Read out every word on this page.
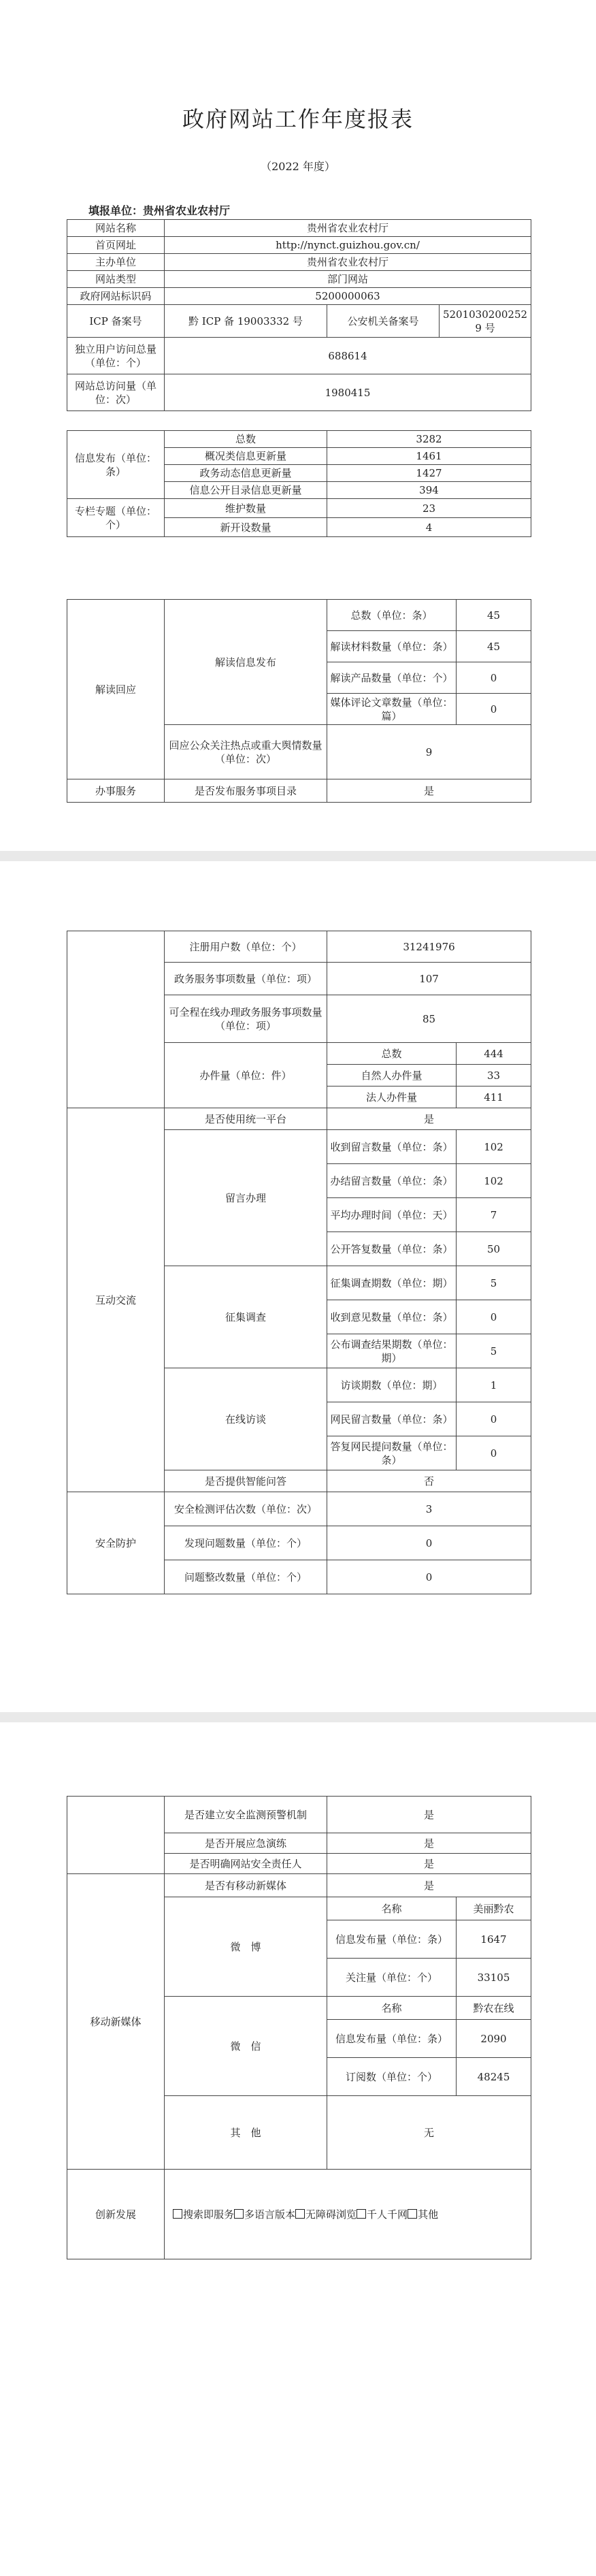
政府网站工作年度报表
（2022 年度）
填报单位：贵州省农业农村厅
网站名称	贵州省农业农村厅		
首页网址	http://nynct.guizhou.gov.cn/		
主办单位	贵州省农业农村厅		
网站类型	部门网站		
政府网站标识码	5200000063		
ICP 备案号	黔 ICP 备 19003332 号	公安机关备案号	52010302002529 号
独立用户访问总量（单位：个）	688614		
网站总访问量（单位：次）	1980415		
信息发布（单位：条）	总数	3282
	概况类信息更新量	1461
	政务动态信息更新量	1427
	信息公开目录信息更新量	394
专栏专题（单位：个）	维护数量	23
	新开设数量	4
解读回应	解读信息发布	总数（单位：条）	45
		解读材料数量（单位：条）	45
		解读产品数量（单位：个）	0
		媒体评论文章数量（单位：篇）	0
	回应公众关注热点或重大舆情数量（单位：次）	9	
办事服务	是否发布服务事项目录	是	
	注册用户数（单位：个）	31241976	
	政务服务事项数量（单位：项）	107	
	可全程在线办理政务服务事项数量（单位：项）	85	
	办件量（单位：件）	总数	444
		自然人办件量	33
		法人办件量	411
互动交流	是否使用统一平台	是	
	留言办理	收到留言数量（单位：条）	102
		办结留言数量（单位：条）	102
		平均办理时间（单位：天）	7
		公开答复数量（单位：条）	50
	征集调查	征集调查期数（单位：期）	5
		收到意见数量（单位：条）	0
		公布调查结果期数（单位：期）	5
	在线访谈	访谈期数（单位：期）	1
		网民留言数量（单位：条）	0
		答复网民提问数量（单位：条）	0
	是否提供智能问答	否	
安全防护	安全检测评估次数（单位：次）	3	
	发现问题数量（单位：个）	0	
	问题整改数量（单位：个）	0	
	是否建立安全监测预警机制	是	
	是否开展应急演练	是	
	是否明确网站安全责任人	是	
移动新媒体	是否有移动新媒体	是	
	微　博	名称	美丽黔农
		信息发布量（单位：条）	1647
		关注量（单位：个）	33105
	微　信	名称	黔农在线
		信息发布量（单位：条）	2090
		订阅数（单位：个）	48245
	其　他	无	
创新发展	搜索即服务 多语言版本 无障碍浏览 千人千网 其他		
